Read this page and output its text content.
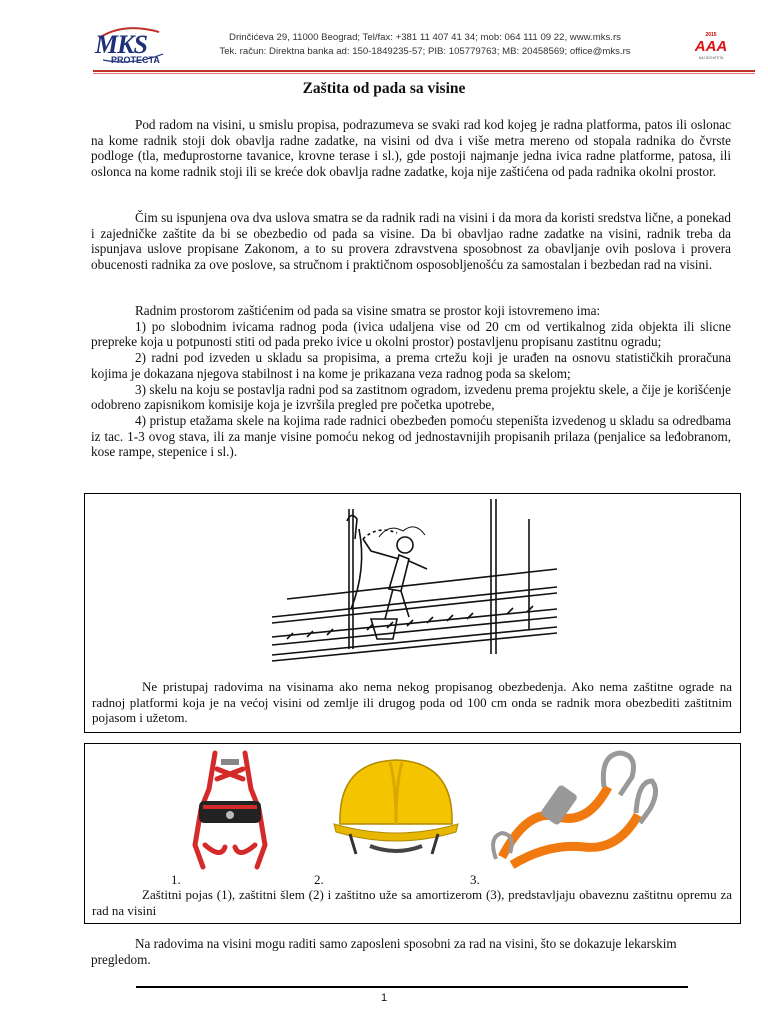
MKS
PROTECTA
Drinčićeva 29, 11000 Beograd; Tel/fax: +381 11 407 41 34; mob: 064 111 09 22, www.mks.rs
Tek. račun: Direktna banka ad: 150-1849235-57; PIB: 105779763; MB: 20458569; office@mks.rs
2015
AAA
NAJ BONITETA
Zaštita od pada sa visine
Pod radom na visini, u smislu propisa, podrazumeva se svaki rad kod kojeg je radna platforma, patos ili oslonac na kome radnik stoji dok obavlja radne zadatke, na visini od dva i više metra mereno od stopala radnika do čvrste podloge (tla, međuprostorne tavanice, krovne terase i sl.), gde postoji najmanje jedna ivica radne platforme, patosa, ili oslonca na kome radnik stoji ili se kreće dok obavlja radne zadatke, koja nije zaštićena od pada radnika okolni prostor.
Čim su ispunjena ova dva uslova smatra se da radnik radi na visini i da mora da koristi sredstva lične, a ponekad i zajedničke zaštite da bi se obezbedio od pada sa visine. Da bi obavljao radne zadatke na visini, radnik treba da ispunjava uslove propisane Zakonom, a to su provera zdravstvena sposobnost za obavljanje ovih poslova i provera obucenosti radnika za ove poslove, sa stručnom i praktičnom osposobljenošću za samostalan i bezbedan rad na visini.
Radnim prostorom zaštićenim od pada sa visine smatra se prostor koji istovremeno ima:
1) po slobodnim ivicama radnog poda (ivica udaljena vise od 20 cm od vertikalnog zida objekta ili slicne prepreke koja u potpunosti stiti od pada preko ivice u okolni prostor) postavljenu propisanu zastitnu ogradu;
2) radni pod izveden u skladu sa propisima, a prema crtežu koji je urađen na osnovu statističkih proračuna kojima je dokazana njegova stabilnost i na kome je prikazana veza radnog poda sa skelom;
3) skelu na koju se postavlja radni pod sa zastitnom ogradom, izvedenu prema projektu skele, a čije je korišćenje odobreno zapisnikom komisije koja je izvršila pregled pre početka upotrebe,
4) pristup etažama skele na kojima rade radnici obezbeđen pomoću stepeništa izvedenog u skladu sa odredbama iz tac. 1-3 ovog stava, ili za manje visine pomoću nekog od jednostavnijih propisanih prilaza (penjalice sa leđobranom, kose rampe, stepenice i sl.).
Ne pristupaj radovima na visinama ako nema nekog propisanog obezbedenja. Ako nema zaštitne ograde na radnoj platformi koja je na većoj visini od zemlje ili drugog poda od 100 cm onda se radnik mora obezbediti zaštitnim pojasom i užetom.
1.	2.	3.
Zaštitni pojas (1), zaštitni šlem (2) i zaštitno uže sa amortizerom (3), predstavljaju obaveznu zaštitnu opremu za rad na visini
Na radovima na visini mogu raditi samo zaposleni sposobni za rad na visini, što se dokazuje lekarskim pregledom.
1
